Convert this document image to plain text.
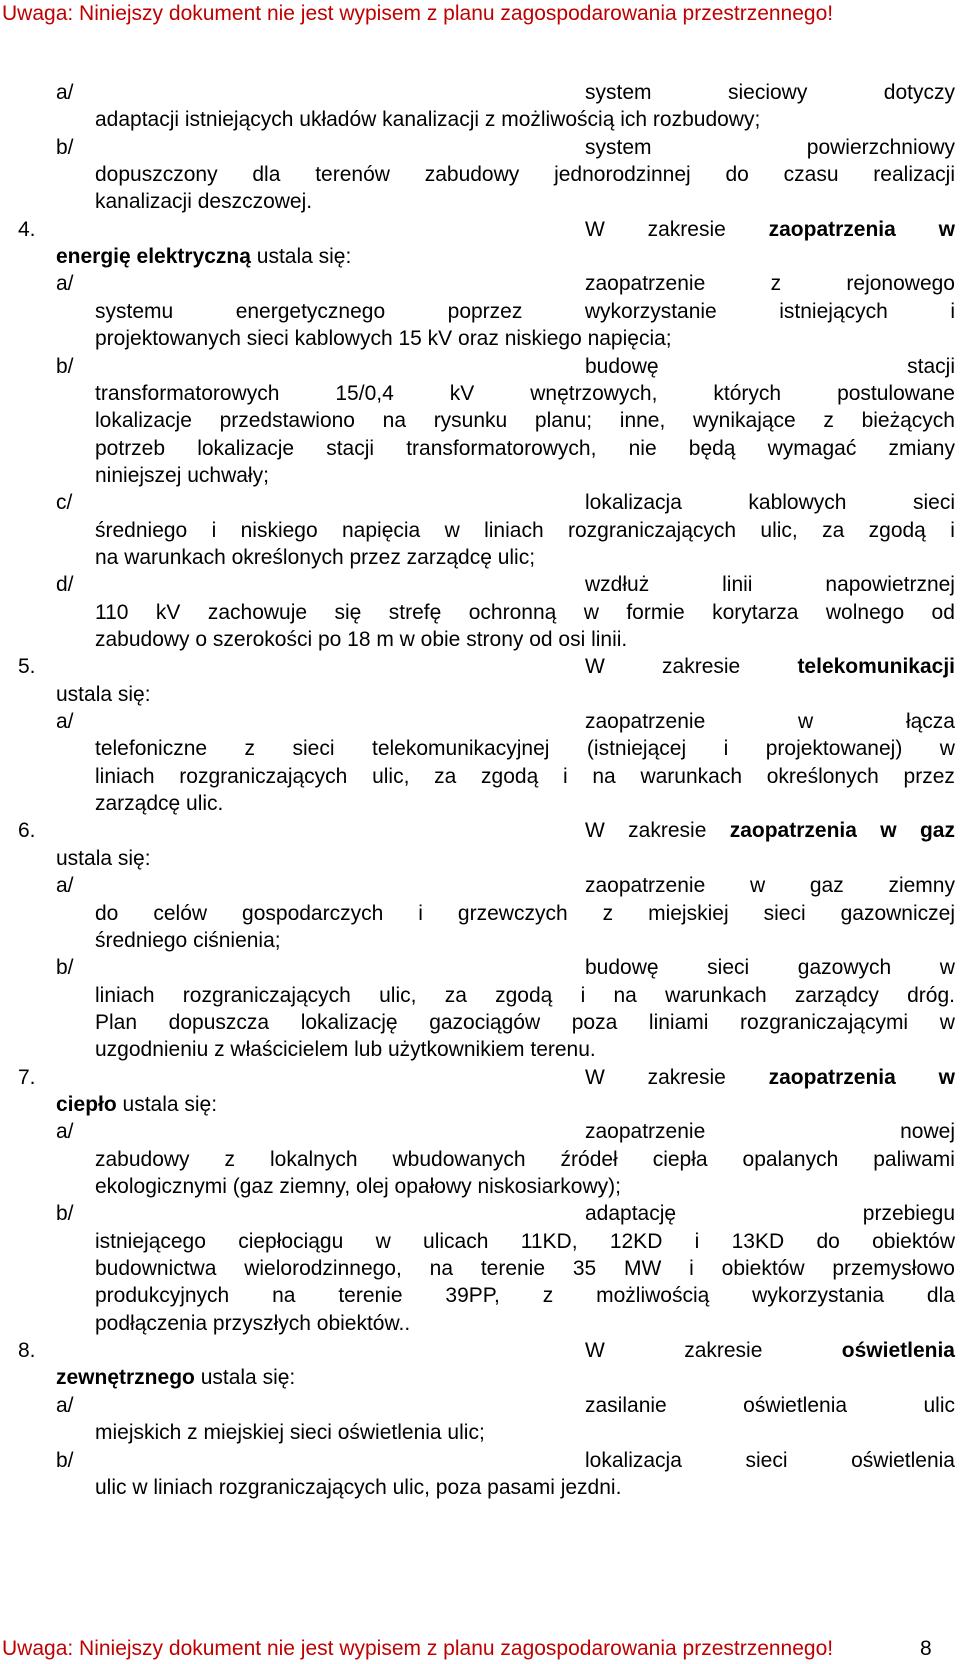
Uwaga: Niniejszy dokument nie jest wypisem z planu zagospodarowania przestrzennego!
a/	system	sieciowy	dotyczy
adaptacji istniejących układów kanalizacji z możliwością ich rozbudowy;
b/	system	powierzchniowy
dopuszczony dla terenów zabudowy jednorodzinnej do czasu realizacji
kanalizacji deszczowej.
4.	W zakresie zaopatrzenia w
energię elektryczną ustala się:
a/	zaopatrzenie	z	rejonowego
systemu	energetycznego	poprzez	wykorzystanie	istniejących	i
projektowanych sieci kablowych 15 kV oraz niskiego napięcia;
b/	budowę	stacji
transformatorowych	15/0,4	kV	wnętrzowych,	których	postulowane
lokalizacje przedstawiono na rysunku planu; inne, wynikające z bieżących
potrzeb lokalizacje stacji transformatorowych, nie będą wymagać zmiany
niniejszej uchwały;
c/	lokalizacja	kablowych	sieci
średniego i niskiego napięcia w liniach rozgraniczających ulic, za zgodą i
na warunkach określonych przez zarządcę ulic;
d/	wzdłuż	linii	napowietrznej
110 kV zachowuje się strefę ochronną w formie korytarza wolnego od
zabudowy o szerokości po 18 m w obie strony od osi linii.
5.	W	zakresie	telekomunikacji
ustala się:
a/	zaopatrzenie	w	łącza
telefoniczne z sieci telekomunikacyjnej (istniejącej i projektowanej) w
liniach rozgraniczających ulic, za zgodą i na warunkach określonych przez
zarządcę ulic.
6.	W zakresie zaopatrzenia w gaz
ustala się:
a/	zaopatrzenie w gaz ziemny
do celów gospodarczych i grzewczych z miejskiej sieci gazowniczej
średniego ciśnienia;
b/	budowę sieci gazowych w
liniach rozgraniczających ulic, za zgodą i na warunkach zarządcy dróg.
Plan dopuszcza lokalizację gazociągów poza liniami rozgraniczającymi w
uzgodnieniu z właścicielem lub użytkownikiem terenu.
7.	W zakresie zaopatrzenia w
ciepło ustala się:
a/	zaopatrzenie	nowej
zabudowy z lokalnych wbudowanych źródeł ciepła opalanych paliwami
ekologicznymi (gaz ziemny, olej opałowy niskosiarkowy);
b/	adaptację	przebiegu
istniejącego ciepłociągu w ulicach 11KD, 12KD i 13KD do obiektów
budownictwa wielorodzinnego, na terenie 35 MW i obiektów przemysłowo
produkcyjnych na terenie 39PP, z możliwością wykorzystania dla
podłączenia przyszłych obiektów..
8.	W	zakresie	oświetlenia
zewnętrznego ustala się:
a/	zasilanie	oświetlenia	ulic
miejskich z miejskiej sieci oświetlenia ulic;
b/	lokalizacja	sieci	oświetlenia
ulic w liniach rozgraniczających ulic, poza pasami jezdni.
Uwaga: Niniejszy dokument nie jest wypisem z planu zagospodarowania przestrzennego!	8
